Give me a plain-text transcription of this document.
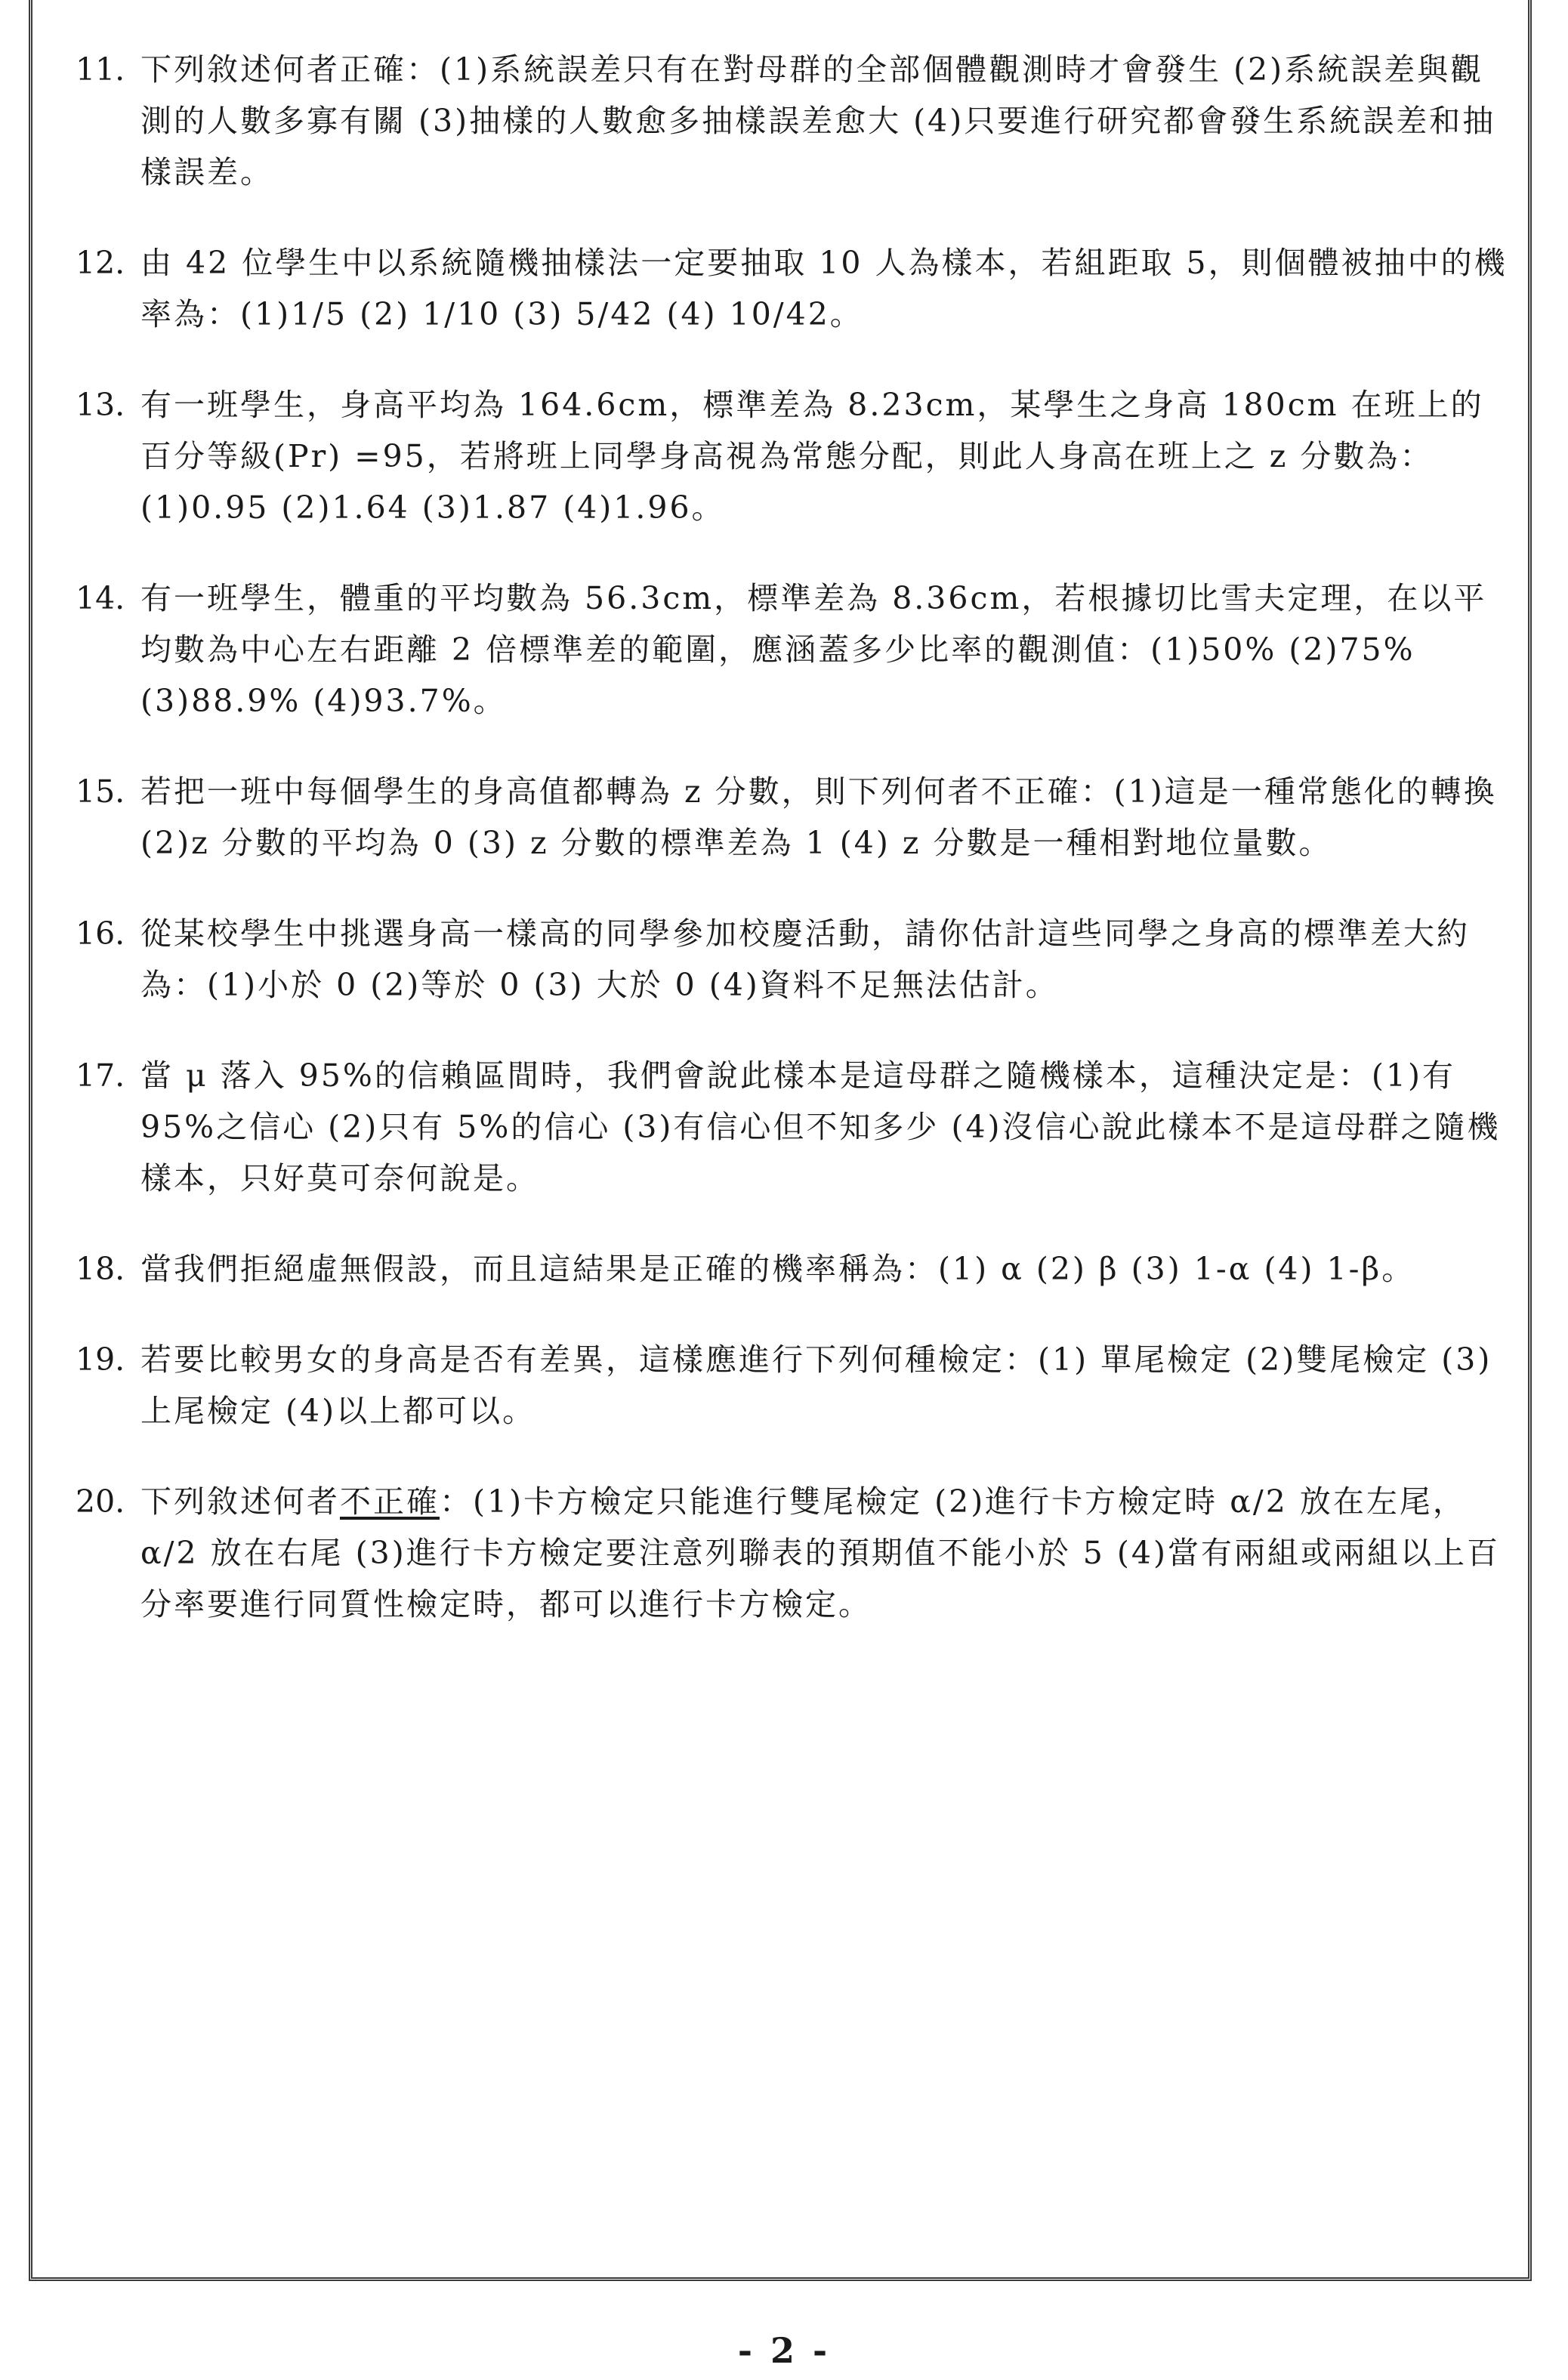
11. 下列敘述何者正確：(1)系統誤差只有在對母群的全部個體觀測時才會發生 (2)系統誤差與觀測的人數多寡有關 (3)抽樣的人數愈多抽樣誤差愈大 (4)只要進行研究都會發生系統誤差和抽樣誤差。
12. 由 42 位學生中以系統隨機抽樣法一定要抽取 10 人為樣本，若組距取 5，則個體被抽中的機率為：(1)1/5 (2) 1/10 (3) 5/42 (4) 10/42。
13. 有一班學生，身高平均為 164.6cm，標準差為 8.23cm，某學生之身高 180cm 在班上的百分等級(Pr) =95，若將班上同學身高視為常態分配，則此人身高在班上之 z 分數為：(1)0.95 (2)1.64 (3)1.87 (4)1.96。
14. 有一班學生，體重的平均數為 56.3cm，標準差為 8.36cm，若根據切比雪夫定理，在以平均數為中心左右距離 2 倍標準差的範圍，應涵蓋多少比率的觀測值：(1)50% (2)75% (3)88.9% (4)93.7%。
15. 若把一班中每個學生的身高值都轉為 z 分數，則下列何者不正確：(1)這是一種常態化的轉換 (2)z 分數的平均為 0 (3) z 分數的標準差為 1 (4) z 分數是一種相對地位量數。
16. 從某校學生中挑選身高一樣高的同學參加校慶活動，請你估計這些同學之身高的標準差大約為：(1)小於 0 (2)等於 0 (3) 大於 0 (4)資料不足無法估計。
17. 當 μ 落入 95%的信賴區間時，我們會說此樣本是這母群之隨機樣本，這種決定是：(1)有 95%之信心 (2)只有 5%的信心 (3)有信心但不知多少 (4)沒信心說此樣本不是這母群之隨機樣本，只好莫可奈何說是。
18. 當我們拒絕虛無假設，而且這結果是正確的機率稱為：(1) α (2) β (3) 1-α (4) 1-β。
19. 若要比較男女的身高是否有差異，這樣應進行下列何種檢定：(1) 單尾檢定 (2)雙尾檢定 (3)上尾檢定 (4)以上都可以。
20. 下列敘述何者不正確：(1)卡方檢定只能進行雙尾檢定 (2)進行卡方檢定時 α/2 放在左尾，α/2 放在右尾 (3)進行卡方檢定要注意列聯表的預期值不能小於 5 (4)當有兩組或兩組以上百分率要進行同質性檢定時，都可以進行卡方檢定。
- 2 -
